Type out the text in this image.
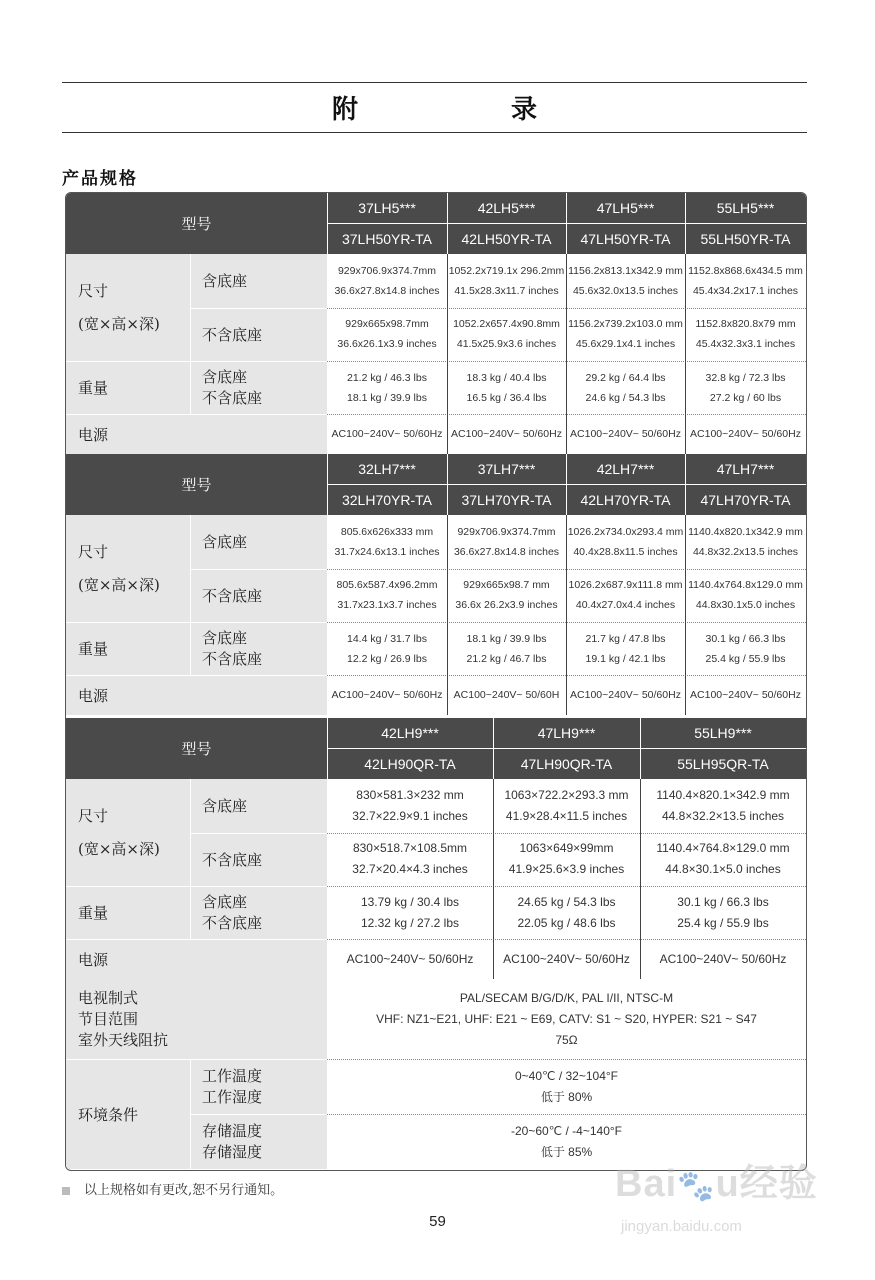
附 录
产品规格
型号
37LH5***
37LH50YR-TA
42LH5***
42LH50YR-TA
47LH5***
47LH50YR-TA
55LH5***
55LH50YR-TA
尺寸
(宽×高×深)
含底座
不含底座
重量
含底座
不含底座
电源
929x706.9x374.7mm
36.6x27.8x14.8 inches
929x665x98.7mm
36.6x26.1x3.9 inches
21.2 kg / 46.3 lbs
18.1 kg / 39.9 lbs
AC100~240V~ 50/60Hz
1052.2x719.1x 296.2mm
41.5x28.3x11.7 inches
1052.2x657.4x90.8mm
41.5x25.9x3.6 inches
18.3 kg / 40.4 lbs
16.5 kg / 36.4 lbs
AC100~240V~ 50/60Hz
1156.2x813.1x342.9 mm
45.6x32.0x13.5 inches
1156.2x739.2x103.0 mm
45.6x29.1x4.1 inches
29.2 kg / 64.4 lbs
24.6 kg / 54.3 lbs
AC100~240V~ 50/60Hz
1152.8x868.6x434.5 mm
45.4x34.2x17.1 inches
1152.8x820.8x79 mm
45.4x32.3x3.1 inches
32.8 kg / 72.3 lbs
27.2 kg / 60 lbs
AC100~240V~ 50/60Hz
型号
32LH7***
32LH70YR-TA
37LH7***
37LH70YR-TA
42LH7***
42LH70YR-TA
47LH7***
47LH70YR-TA
尺寸
(宽×高×深)
含底座
不含底座
重量
含底座
不含底座
电源
805.6x626x333 mm
31.7x24.6x13.1 inches
805.6x587.4x96.2mm
31.7x23.1x3.7 inches
14.4 kg / 31.7 lbs
12.2 kg / 26.9 lbs
AC100~240V~ 50/60Hz
929x706.9x374.7mm
36.6x27.8x14.8 inches
929x665x98.7 mm
36.6x 26.2x3.9 inches
18.1 kg / 39.9 lbs
21.2 kg / 46.7 lbs
AC100~240V~ 50/60H
1026.2x734.0x293.4 mm
40.4x28.8x11.5 inches
1026.2x687.9x111.8 mm
40.4x27.0x4.4 inches
21.7 kg / 47.8 lbs
19.1 kg / 42.1 lbs
AC100~240V~ 50/60Hz
1140.4x820.1x342.9 mm
44.8x32.2x13.5 inches
1140.4x764.8x129.0 mm
44.8x30.1x5.0 inches
30.1 kg / 66.3 lbs
25.4 kg / 55.9 lbs
AC100~240V~ 50/60Hz
型号
42LH9***
42LH90QR-TA
47LH9***
47LH90QR-TA
55LH9***
55LH95QR-TA
尺寸
(宽×高×深)
含底座
不含底座
重量
含底座
不含底座
电源
830×581.3×232 mm
32.7×22.9×9.1 inches
830×518.7×108.5mm
32.7×20.4×4.3 inches
13.79 kg / 30.4 lbs
12.32 kg / 27.2 lbs
AC100~240V~ 50/60Hz
1063×722.2×293.3 mm
41.9×28.4×11.5 inches
1063×649×99mm
41.9×25.6×3.9 inches
24.65 kg / 54.3 lbs
22.05 kg / 48.6 lbs
AC100~240V~ 50/60Hz
1140.4×820.1×342.9 mm
44.8×32.2×13.5 inches
1140.4×764.8×129.0 mm
44.8×30.1×5.0 inches
30.1 kg / 66.3 lbs
25.4 kg / 55.9 lbs
AC100~240V~ 50/60Hz
电视制式
节目范围
室外天线阻抗
PAL/SECAM B/G/D/K, PAL I/II, NTSC-M
VHF: NZ1~E21, UHF: E21 ~ E69, CATV: S1 ~ S20, HYPER: S21 ~ S47
75Ω
环境条件
工作温度
工作湿度
0~40℃ / 32~104°F
低于 80%
存储温度
存储湿度
-20~60℃ / -4~140°F
低于 85%
以上规格如有更改,恕不另行通知。
59
Bai🐾u经验
jingyan.baidu.com
